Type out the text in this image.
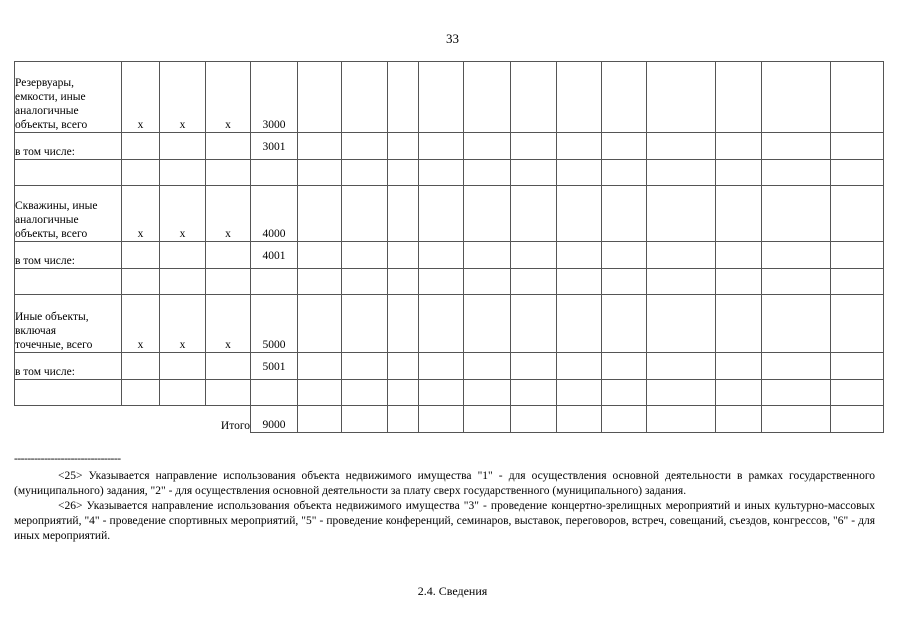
33
Резервуары,
емкости, иные
аналогичные
объекты, всего	х	х	х	3000												
в том числе:				3001												

Скважины, иные
аналогичные
объекты, всего	х	х	х	4000												
в том числе:				4001												

Иные объекты,
включая
точечные, всего	х	х	х	5000												
в том числе:				5001												

			Итого	9000												
--------------------------------
<25> Указывается направление использования объекта недвижимого имущества "1" - для осуществления основной деятельности в рамках государственного (муниципального) задания, "2" - для осуществления основной деятельности за плату сверх государственного (муниципального) задания.
<26> Указывается направление использования объекта недвижимого имущества "3" - проведение концертно-зрелищных мероприятий и иных культурно-массовых мероприятий, "4" - проведение спортивных мероприятий, "5" - проведение конференций, семинаров, выставок, переговоров, встреч, совещаний, съездов, конгрессов, "6" - для иных мероприятий.
2.4. Сведения
